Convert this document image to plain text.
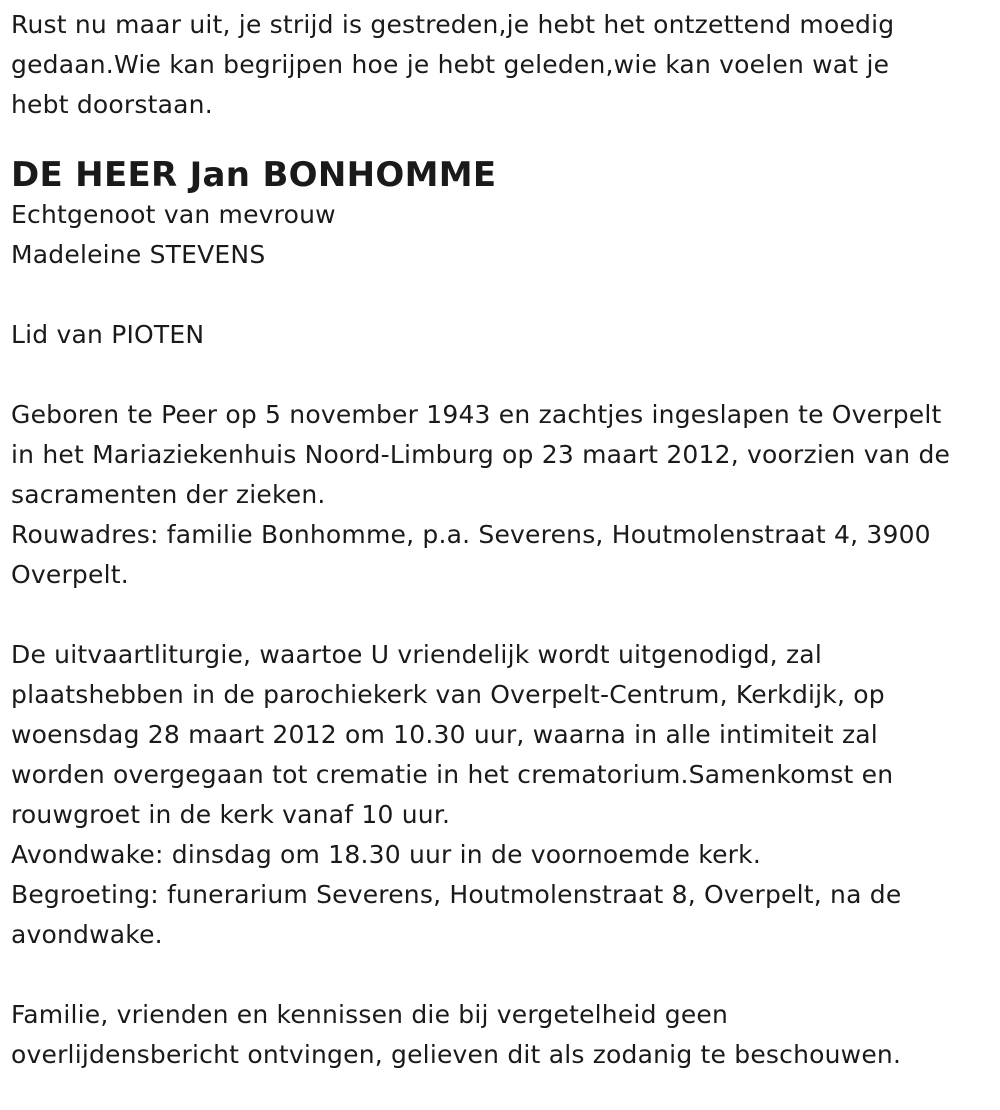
Rust nu maar uit, je strijd is gestreden,je hebt het ontzettend moedig

gedaan.Wie kan begrijpen hoe je hebt geleden,wie kan voelen wat je

hebt doorstaan.

DE HEER Jan BONHOMME

Echtgenoot van mevrouw

Madeleine STEVENS

Lid van PIOTEN

Geboren te Peer op 5 november 1943 en zachtjes ingeslapen te Overpelt

in het Mariaziekenhuis Noord-Limburg op 23 maart 2012, voorzien van de

sacramenten der zieken.

Rouwadres: familie Bonhomme, p.a. Severens, Houtmolenstraat 4, 3900

Overpelt.

De uitvaartliturgie, waartoe U vriendelijk wordt uitgenodigd, zal

plaatshebben in de parochiekerk van Overpelt-Centrum, Kerkdijk, op

woensdag 28 maart 2012 om 10.30 uur, waarna in alle intimiteit zal

worden overgegaan tot crematie in het crematorium.Samenkomst en

rouwgroet in de kerk vanaf 10 uur.

Avondwake: dinsdag om 18.30 uur in de voornoemde kerk.

Begroeting: funerarium Severens, Houtmolenstraat 8, Overpelt, na de

avondwake.

Familie, vrienden en kennissen die bij vergetelheid geen

overlijdensbericht ontvingen, gelieven dit als zodanig te beschouwen.
